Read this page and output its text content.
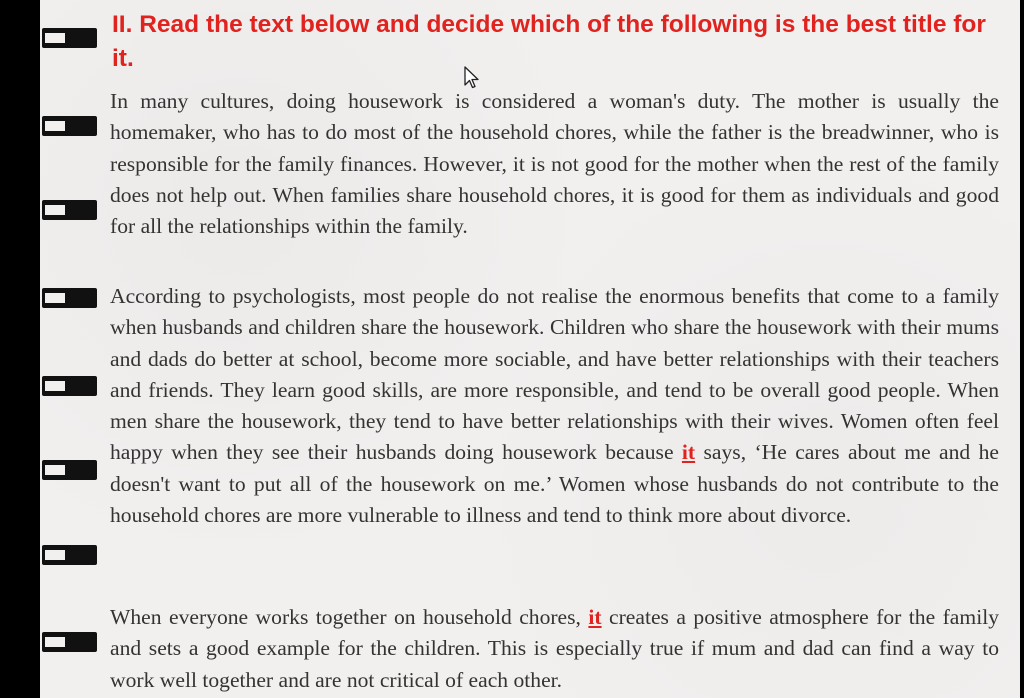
II. Read the text below and decide which of the following is the best title for it.

In many cultures, doing housework is considered a woman's duty. The mother is usually the homemaker, who has to do most of the household chores, while the father is the breadwinner, who is responsible for the family finances. However, it is not good for the mother when the rest of the family does not help out. When families share household chores, it is good for them as individuals and good for all the relationships within the family.

According to psychologists, most people do not realise the enormous benefits that come to a family when husbands and children share the housework. Children who share the housework with their mums and dads do better at school, become more sociable, and have better relationships with their teachers and friends. They learn good skills, are more responsible, and tend to be overall good people. When men share the housework, they tend to have better relationships with their wives. Women often feel happy when they see their husbands doing housework because it says, ‘He cares about me and he doesn't want to put all of the housework on me.’ Women whose husbands do not contribute to the household chores are more vulnerable to illness and tend to think more about divorce.

When everyone works together on household chores, it creates a positive atmosphere for the family and sets a good example for the children. This is especially true if mum and dad can find a way to work well together and are not critical of each other.
